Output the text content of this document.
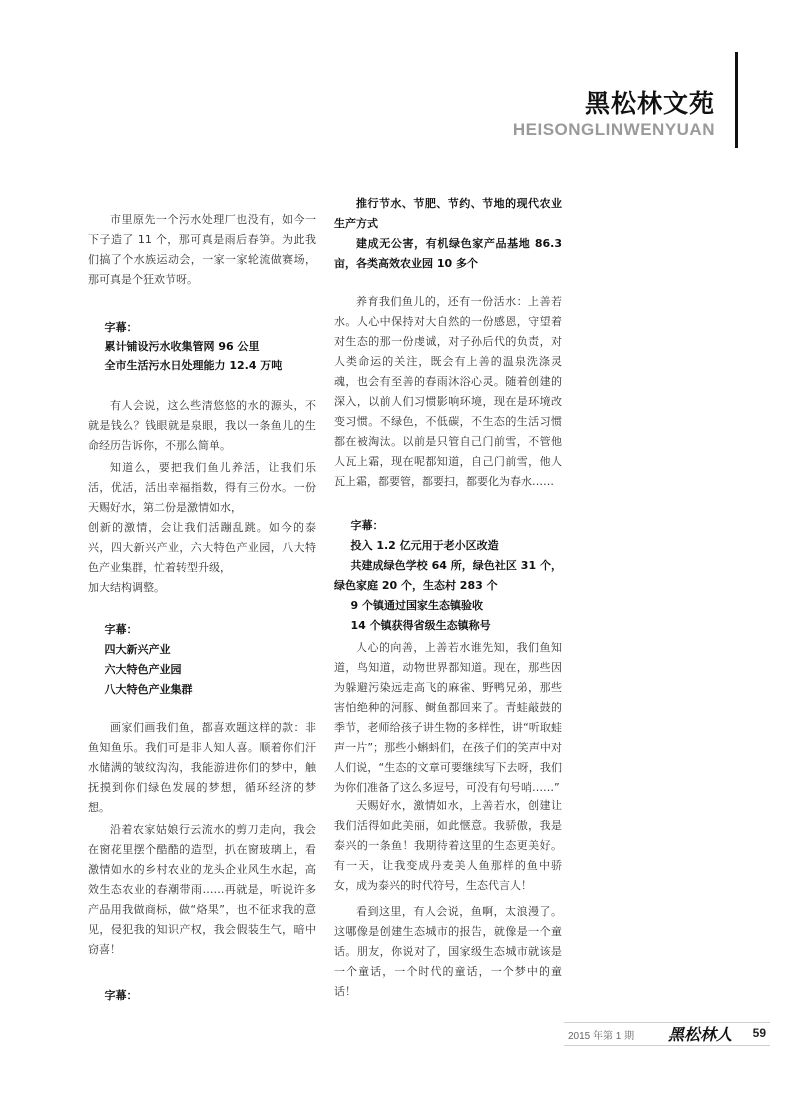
黑松林文苑
HEISONGLINWENYUAN

市里原先一个污水处理厂也没有，如今一下子造了 11 个，那可真是雨后春笋。为此我们搞了个水族运动会，一家一家轮流做赛场，那可真是个狂欢节呀。

字幕：

累计铺设污水收集管网 96 公里

全市生活污水日处理能力 12.4 万吨

有人会说，这么些清悠悠的水的源头，不就是钱么？钱眼就是泉眼，我以一条鱼儿的生命经历告诉你，不那么简单。

知道么，要把我们鱼儿养活，让我们乐活，优活，活出幸福指数，得有三份水。一份天赐好水，第二份是激情如水，

创新的激情，会让我们活蹦乱跳。如今的泰兴，四大新兴产业，六大特色产业园，八大特色产业集群，忙着转型升级，

加大结构调整。

字幕：

四大新兴产业

六大特色产业园

八大特色产业集群

画家们画我们鱼，都喜欢题这样的款：非鱼知鱼乐。我们可是非人知人喜。顺着你们汗水储满的皱纹沟沟，我能游进你们的梦中，触抚摸到你们绿色发展的梦想，循环经济的梦想。

沿着农家姑娘行云流水的剪刀走向，我会在窗花里摆个酷酷的造型，扒在窗玻璃上，看激情如水的乡村农业的龙头企业风生水起，高效生态农业的春潮带雨……再就是，听说许多产品用我做商标，做“烙果”，也不征求我的意见，侵犯我的知识产权，我会假装生气，暗中窃喜！

字幕：

推行节水、节肥、节约、节地的现代农业生产方式

建成无公害，有机绿色家产品基地 86.3 亩，各类高效农业园 10 多个

养育我们鱼儿的，还有一份活水：上善若水。人心中保持对大自然的一份感恩，守望着对生态的那一份虔诚，对子孙后代的负责，对人类命运的关注，既会有上善的温泉洗涤灵魂，也会有至善的春雨沐浴心灵。随着创建的深入，以前人们习惯影响环境，现在是环境改变习惯。不绿色，不低碳，不生态的生活习惯都在被淘汰。以前是只管自己门前雪，不管他人瓦上霜，现在呢都知道，自己门前雪，他人瓦上霜，都要管，都要扫，都要化为春水……

字幕：

投入 1.2 亿元用于老小区改造

共建成绿色学校 64 所，绿色社区 31 个，绿色家庭 20 个，生态村 283 个

9 个镇通过国家生态镇验收

14 个镇获得省级生态镇称号

人心的向善，上善若水谁先知，我们鱼知道，鸟知道，动物世界都知道。现在，那些因为躲避污染远走高飞的麻雀、野鸭兄弟，那些害怕绝种的河豚、鲥鱼都回来了。青蛙敲鼓的季节，老师给孩子讲生物的多样性，讲“听取蛙声一片”；那些小蝌蚪们，在孩子们的笑声中对人们说，“生态的文章可要继续写下去呀，我们为你们准备了这么多逗号，可没有句号哨……”

天赐好水，激情如水，上善若水，创建让我们活得如此美丽，如此惬意。我骄傲，我是泰兴的一条鱼！我期待着这里的生态更美好。有一天，让我变成丹麦美人鱼那样的鱼中骄女，成为泰兴的时代符号，生态代言人！

看到这里，有人会说，鱼啊，太浪漫了。这哪像是创建生态城市的报告，就像是一个童话。朋友，你说对了，国家级生态城市就该是一个童话，一个时代的童话，一个梦中的童话！

2015 年第 1 期 黑松林人 59
